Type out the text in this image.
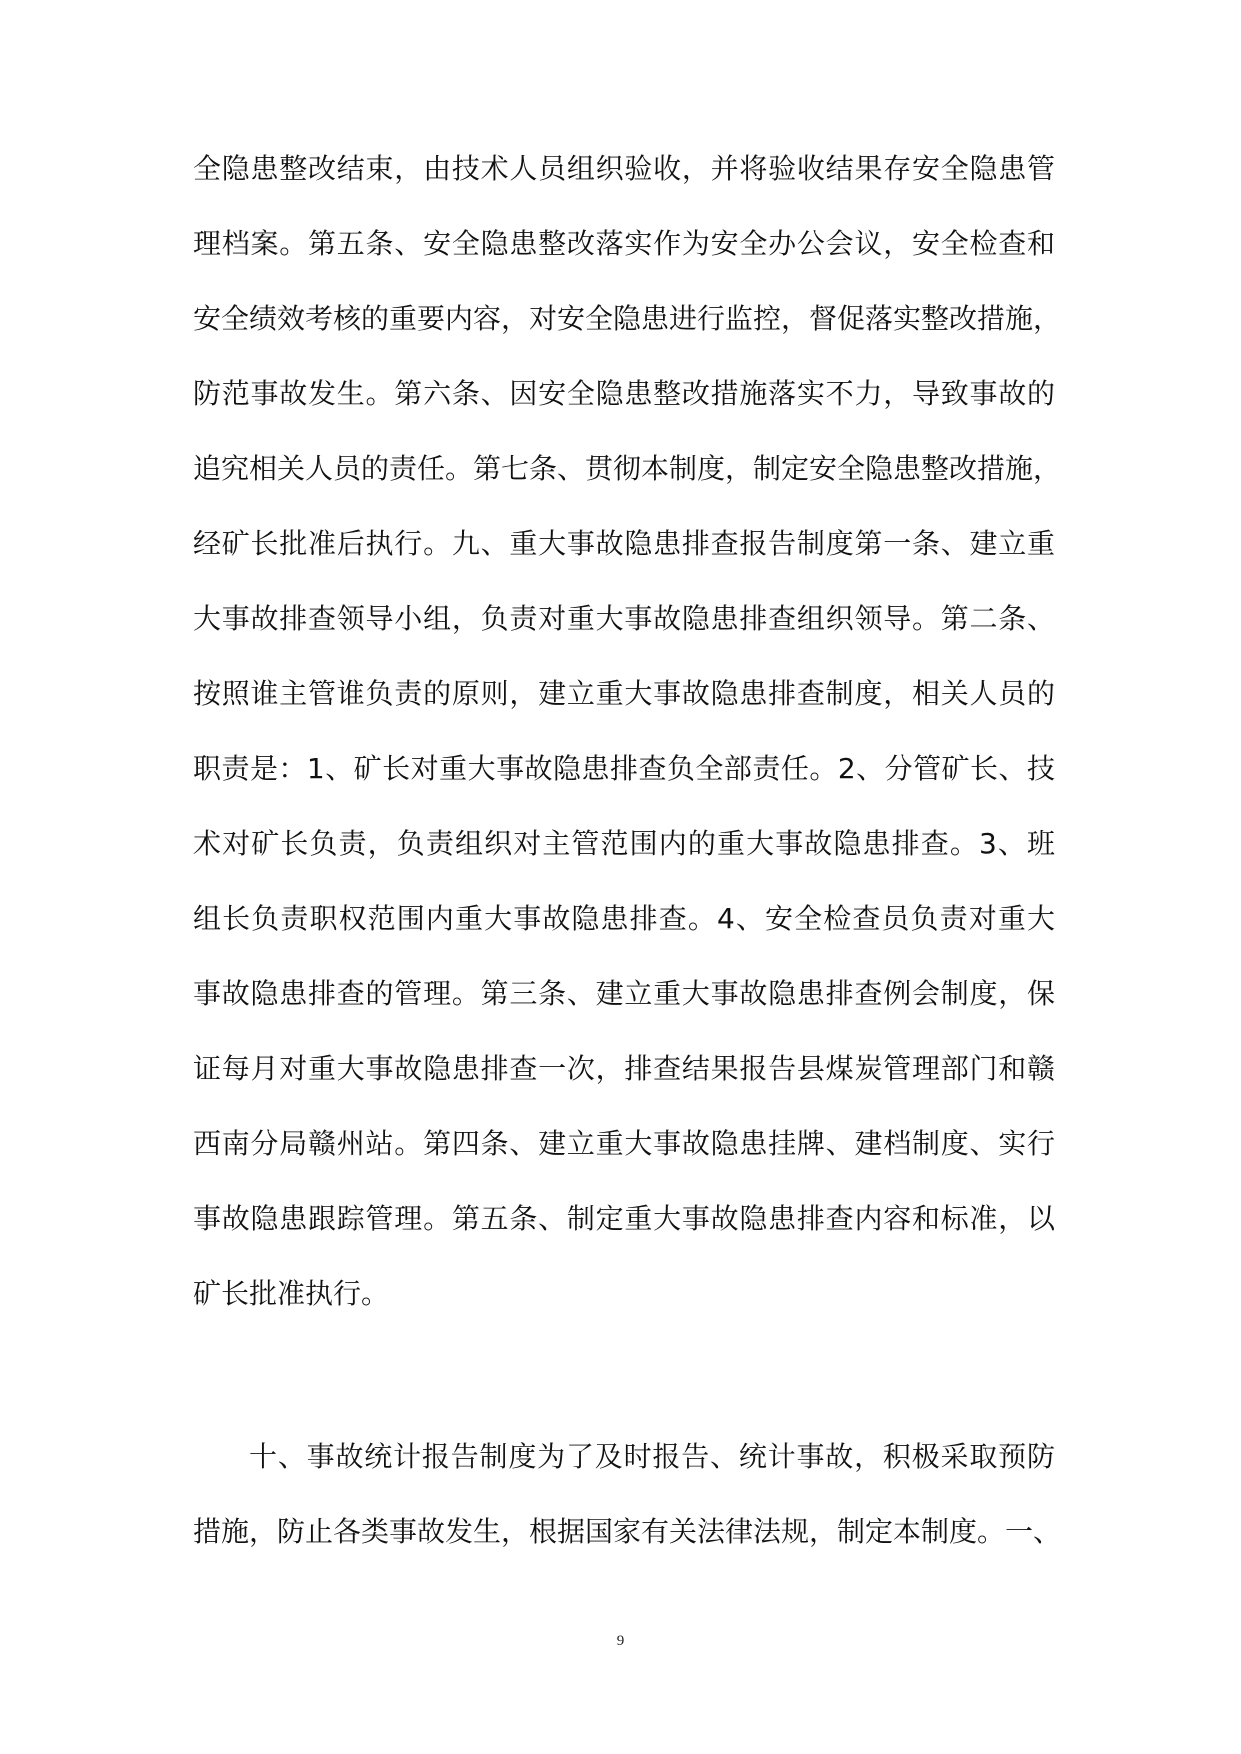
全隐患整改结束，由技术人员组织验收，并将验收结果存安全隐患管
理档案。第五条、安全隐患整改落实作为安全办公会议，安全检查和
安全绩效考核的重要内容，对安全隐患进行监控，督促落实整改措施，
防范事故发生。第六条、因安全隐患整改措施落实不力，导致事故的
追究相关人员的责任。第七条、贯彻本制度，制定安全隐患整改措施，
经矿长批准后执行。九、重大事故隐患排查报告制度第一条、建立重
大事故排查领导小组，负责对重大事故隐患排查组织领导。第二条、
按照谁主管谁负责的原则，建立重大事故隐患排查制度，相关人员的
职责是：1、矿长对重大事故隐患排查负全部责任。2、分管矿长、技
术对矿长负责，负责组织对主管范围内的重大事故隐患排查。3、班
组长负责职权范围内重大事故隐患排查。4、安全检查员负责对重大
事故隐患排查的管理。第三条、建立重大事故隐患排查例会制度，保
证每月对重大事故隐患排查一次，排查结果报告县煤炭管理部门和赣
西南分局赣州站。第四条、建立重大事故隐患挂牌、建档制度、实行
事故隐患跟踪管理。第五条、制定重大事故隐患排查内容和标准，以
矿长批准执行。
十、事故统计报告制度为了及时报告、统计事故，积极采取预防
措施，防止各类事故发生，根据国家有关法律法规，制定本制度。一、
9
